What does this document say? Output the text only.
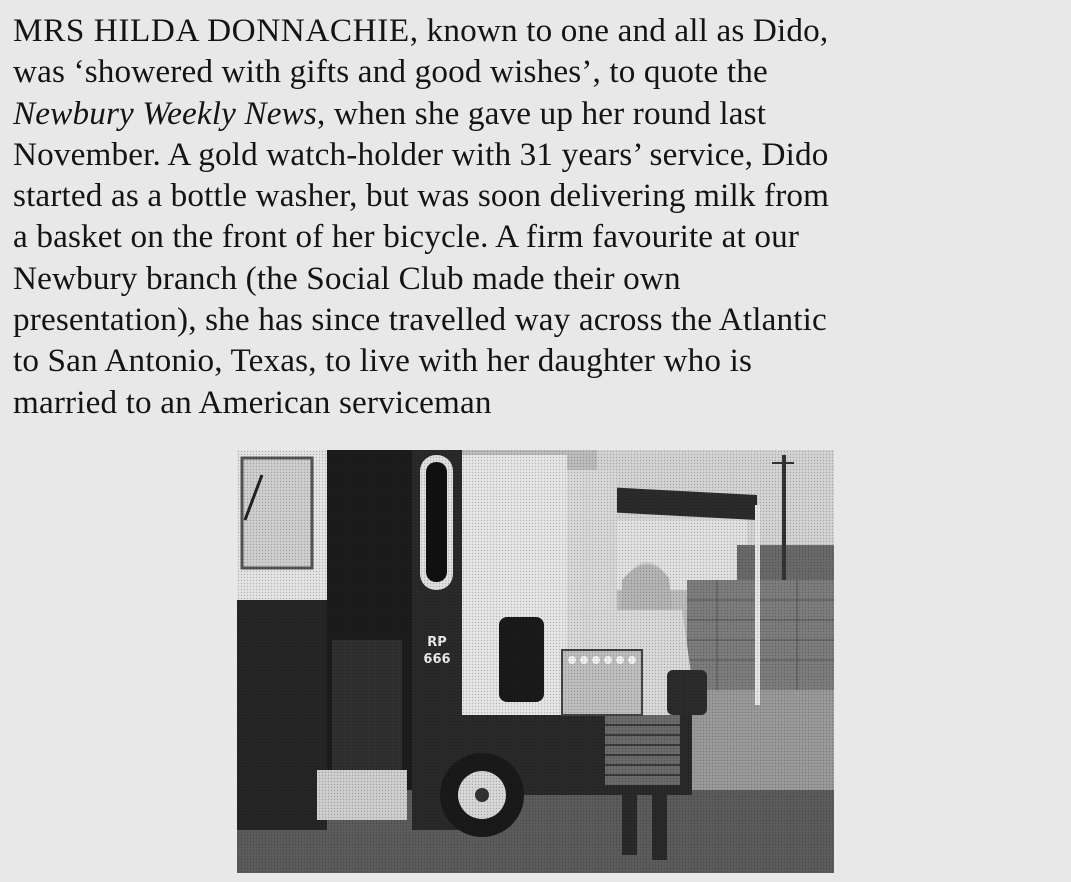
MRS HILDA DONNACHIE, known to one and all as Dido,
was ‘showered with gifts and good wishes’, to quote the
Newbury Weekly News, when she gave up her round last
November. A gold watch-holder with 31 years’ service, Dido
started as a bottle washer, but was soon delivering milk from
a basket on the front of her bicycle. A firm favourite at our
Newbury branch (the Social Club made their own
presentation), she has since travelled way across the Atlantic
to San Antonio, Texas, to live with her daughter who is
married to an American serviceman
